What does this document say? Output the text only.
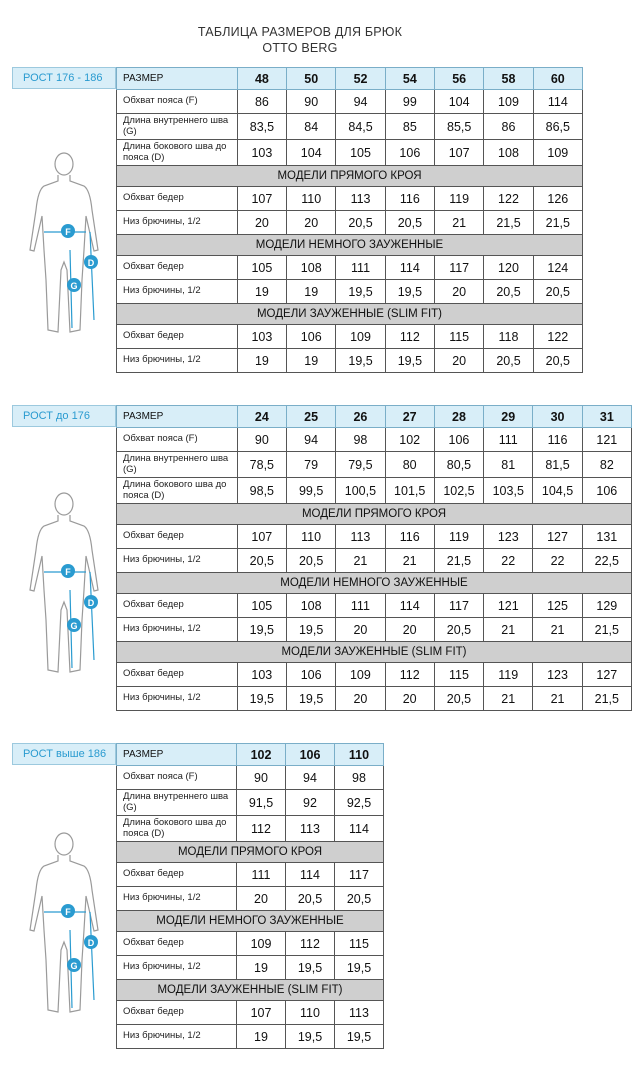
ТАБЛИЦА РАЗМЕРОВ ДЛЯ БРЮК
OTTO BERG
РОСТ 176 - 186
F
D
G
РАЗМЕР	48	50	52	54	56	58	60
Обхват пояса (F)	86	90	94	99	104	109	114
Длина внутреннего шва (G)	83,5	84	84,5	85	85,5	86	86,5
Длина бокового шва до пояса (D)	103	104	105	106	107	108	109
МОДЕЛИ ПРЯМОГО КРОЯ							
Обхват бедер	107	110	113	116	119	122	126
Низ брючины, 1/2	20	20	20,5	20,5	21	21,5	21,5
МОДЕЛИ НЕМНОГО ЗАУЖЕННЫЕ							
Обхват бедер	105	108	111	114	117	120	124
Низ брючины, 1/2	19	19	19,5	19,5	20	20,5	20,5
МОДЕЛИ ЗАУЖЕННЫЕ (SLIM FIT)							
Обхват бедер	103	106	109	112	115	118	122
Низ брючины, 1/2	19	19	19,5	19,5	20	20,5	20,5
РОСТ до 176
F
D
G
РАЗМЕР	24	25	26	27	28	29	30	31
Обхват пояса (F)	90	94	98	102	106	111	116	121
Длина внутреннего шва (G)	78,5	79	79,5	80	80,5	81	81,5	82
Длина бокового шва до пояса (D)	98,5	99,5	100,5	101,5	102,5	103,5	104,5	106
МОДЕЛИ ПРЯМОГО КРОЯ								
Обхват бедер	107	110	113	116	119	123	127	131
Низ брючины, 1/2	20,5	20,5	21	21	21,5	22	22	22,5
МОДЕЛИ НЕМНОГО ЗАУЖЕННЫЕ								
Обхват бедер	105	108	111	114	117	121	125	129
Низ брючины, 1/2	19,5	19,5	20	20	20,5	21	21	21,5
МОДЕЛИ ЗАУЖЕННЫЕ (SLIM FIT)								
Обхват бедер	103	106	109	112	115	119	123	127
Низ брючины, 1/2	19,5	19,5	20	20	20,5	21	21	21,5
РОСТ выше 186
F
D
G
РАЗМЕР	102	106	110
Обхват пояса (F)	90	94	98
Длина внутреннего шва (G)	91,5	92	92,5
Длина бокового шва до пояса (D)	112	113	114
МОДЕЛИ ПРЯМОГО КРОЯ			
Обхват бедер	111	114	117
Низ брючины, 1/2	20	20,5	20,5
МОДЕЛИ НЕМНОГО ЗАУЖЕННЫЕ			
Обхват бедер	109	112	115
Низ брючины, 1/2	19	19,5	19,5
МОДЕЛИ ЗАУЖЕННЫЕ (SLIM FIT)			
Обхват бедер	107	110	113
Низ брючины, 1/2	19	19,5	19,5
